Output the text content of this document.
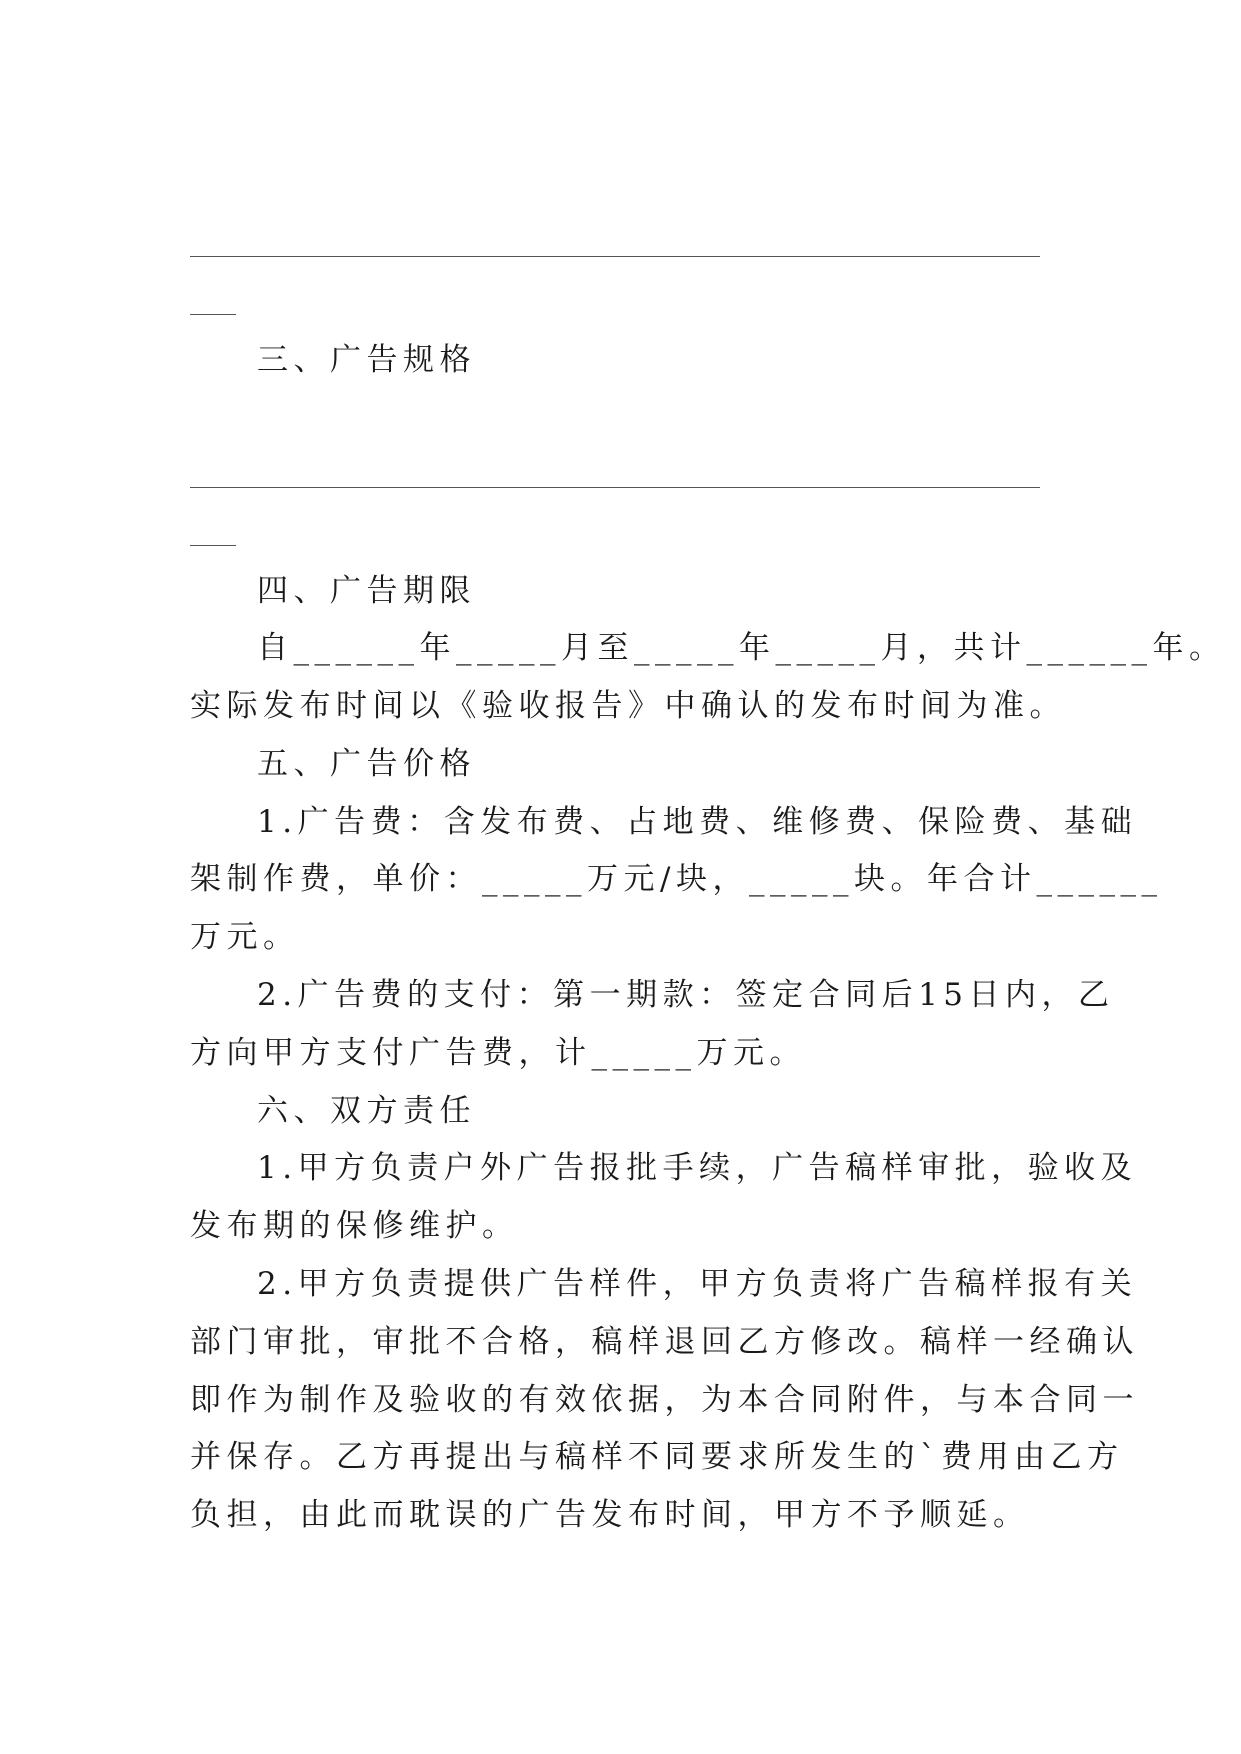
三、广告规格
四、广告期限
自______年_____月至_____年_____月，共计______年。
实际发布时间以《验收报告》中确认的发布时间为准。
五、广告价格
1.广告费：含发布费、占地费、维修费、保险费、基础
架制作费，单价：_____万元/块，_____块。年合计______
万元。
2.广告费的支付：第一期款：签定合同后15日内，乙
方向甲方支付广告费，计_____万元。
六、双方责任
1.甲方负责户外广告报批手续，广告稿样审批，验收及
发布期的保修维护。
2.甲方负责提供广告样件，甲方负责将广告稿样报有关
部门审批，审批不合格，稿样退回乙方修改。稿样一经确认
即作为制作及验收的有效依据，为本合同附件，与本合同一
并保存。乙方再提出与稿样不同要求所发生的`费用由乙方
负担，由此而耽误的广告发布时间，甲方不予顺延。
